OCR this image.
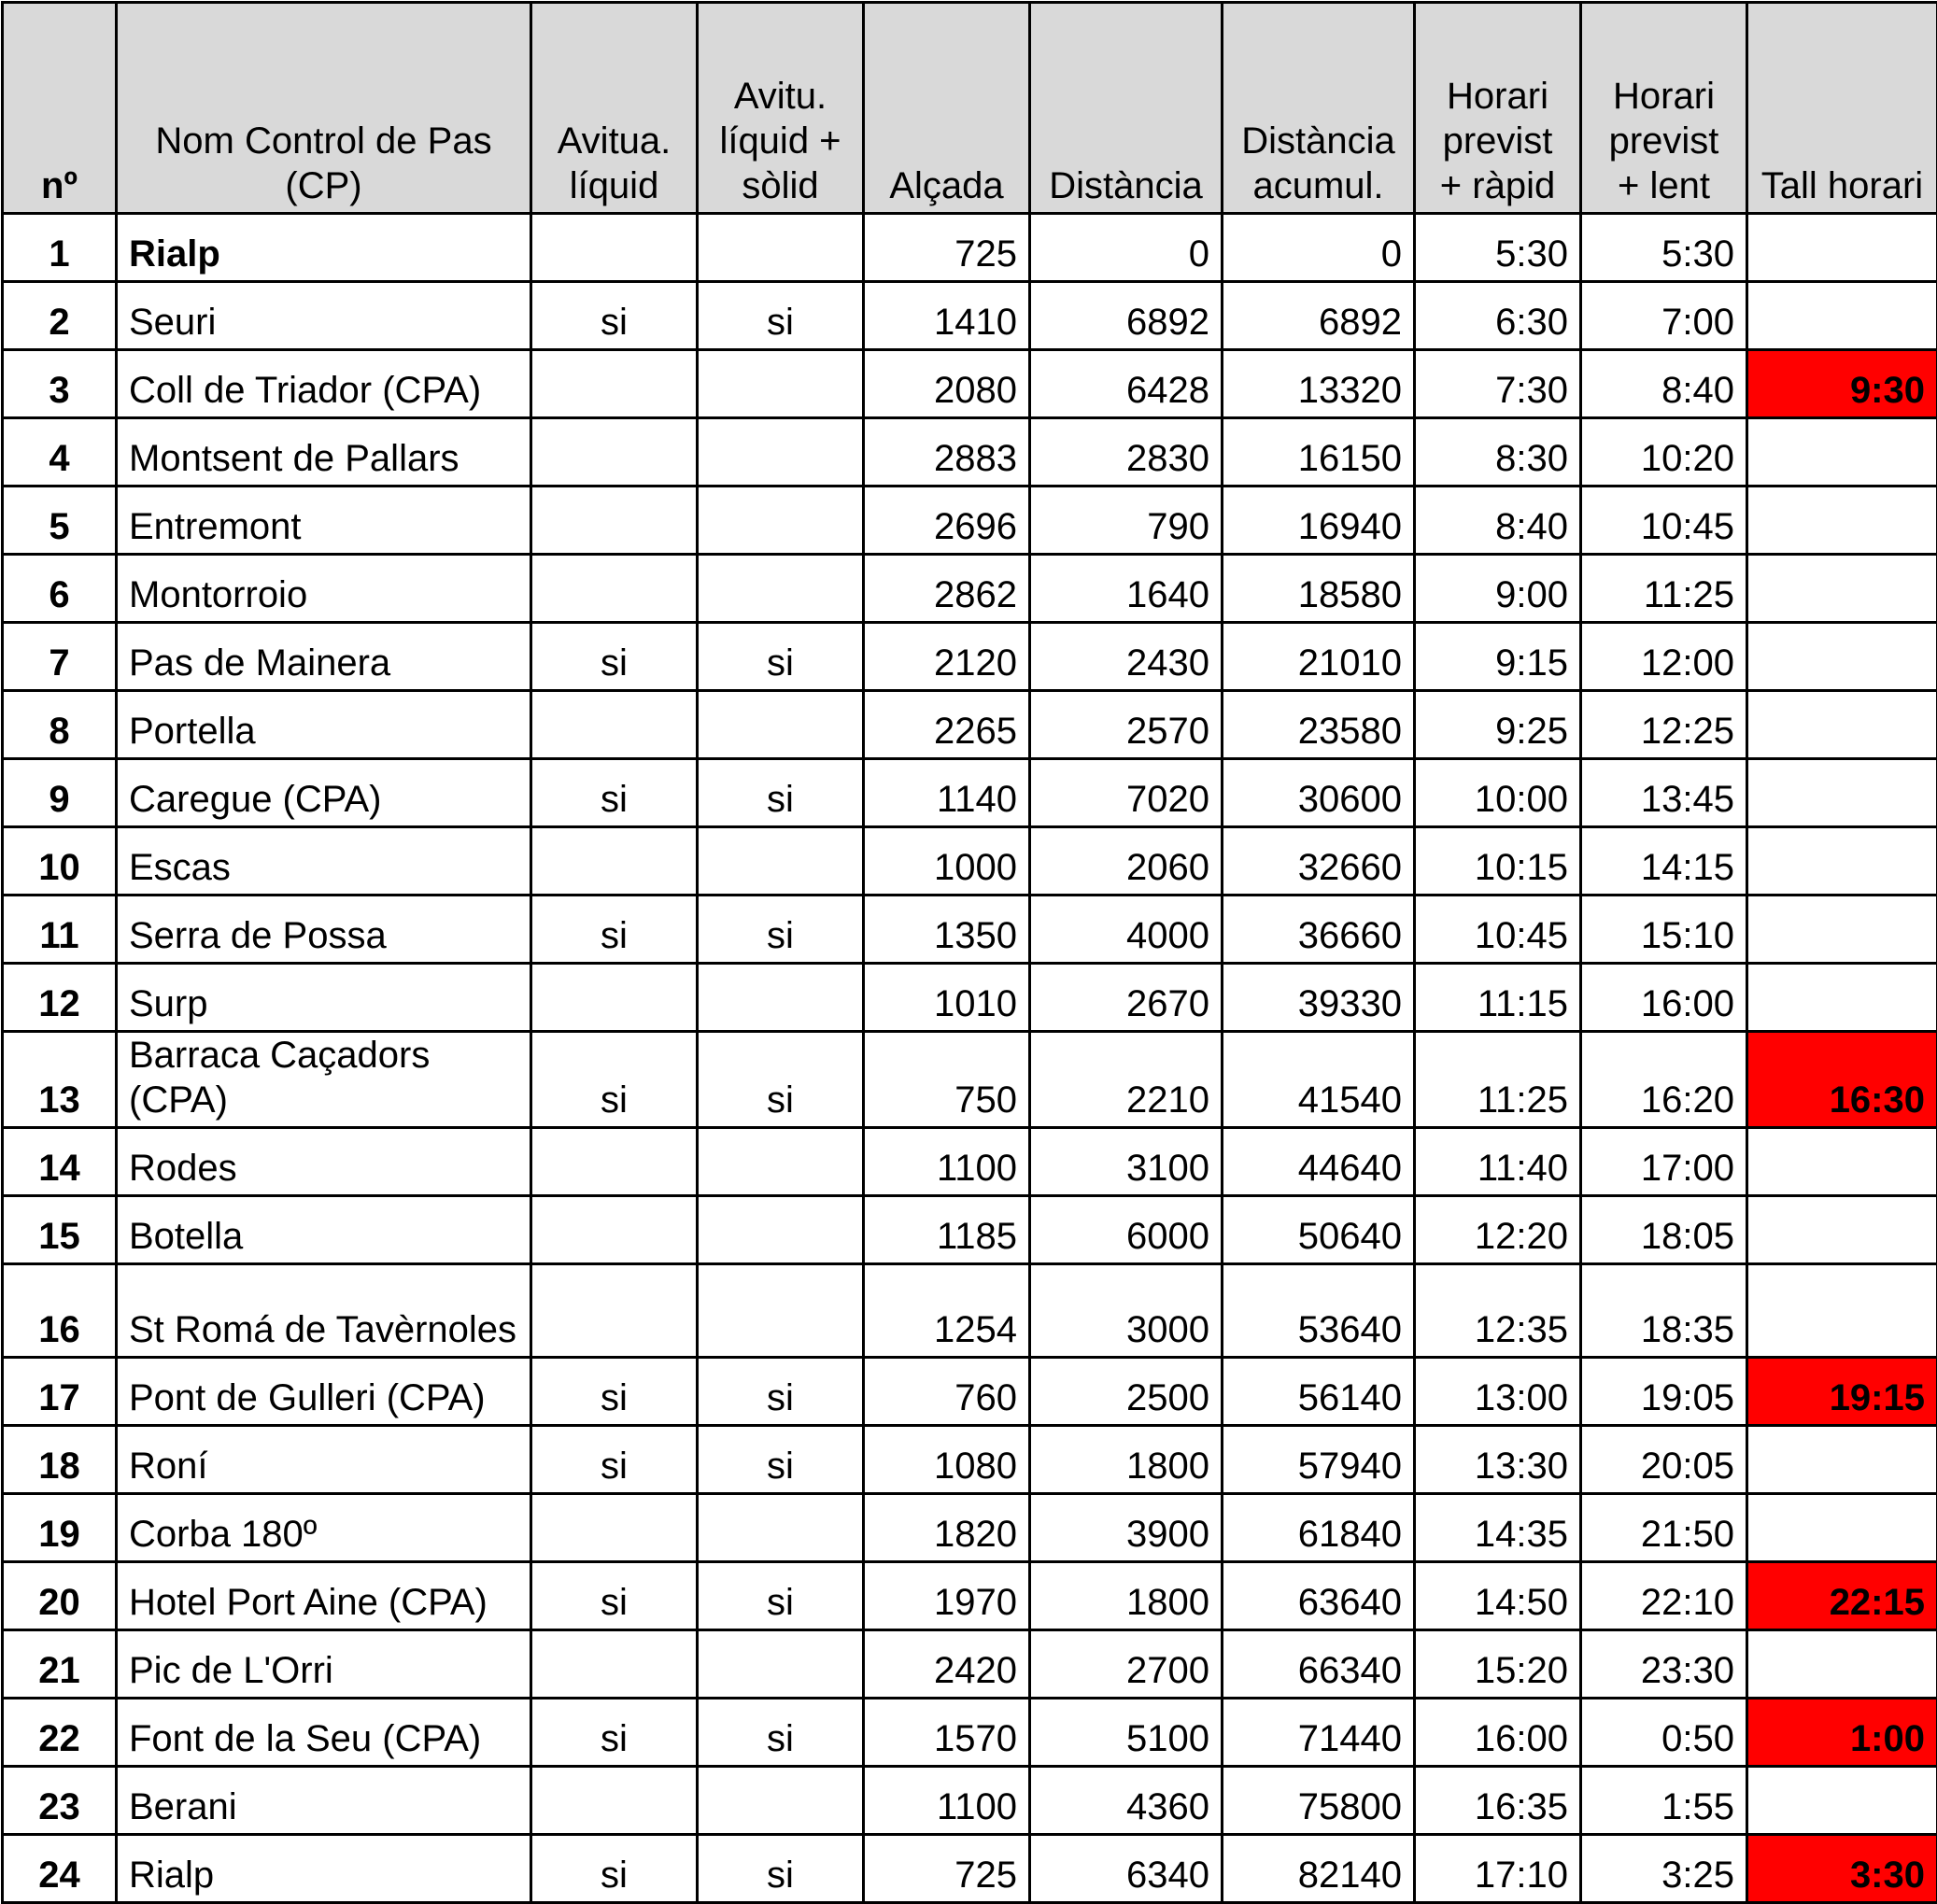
nº	Nom Control de Pas (CP)	Avitua. líquid	Avitu. líquid + sòlid	Alçada	Distància	Distància acumul.	Horari previst + ràpid	Horari previst + lent	Tall horari
1	Rialp			725	0	0	5:30	5:30	
2	Seuri	si	si	1410	6892	6892	6:30	7:00	
3	Coll de Triador (CPA)			2080	6428	13320	7:30	8:40	9:30
4	Montsent de Pallars			2883	2830	16150	8:30	10:20	
5	Entremont			2696	790	16940	8:40	10:45	
6	Montorroio			2862	1640	18580	9:00	11:25	
7	Pas de Mainera	si	si	2120	2430	21010	9:15	12:00	
8	Portella			2265	2570	23580	9:25	12:25	
9	Caregue (CPA)	si	si	1140	7020	30600	10:00	13:45	
10	Escas			1000	2060	32660	10:15	14:15	
11	Serra de Possa	si	si	1350	4000	36660	10:45	15:10	
12	Surp			1010	2670	39330	11:15	16:00	
13	Barraca Caçadors (CPA)	si	si	750	2210	41540	11:25	16:20	16:30
14	Rodes			1100	3100	44640	11:40	17:00	
15	Botella			1185	6000	50640	12:20	18:05	
16	St Romá de Tavèrnoles			1254	3000	53640	12:35	18:35	
17	Pont de Gulleri (CPA)	si	si	760	2500	56140	13:00	19:05	19:15
18	Roní	si	si	1080	1800	57940	13:30	20:05	
19	Corba 180º			1820	3900	61840	14:35	21:50	
20	Hotel Port Aine (CPA)	si	si	1970	1800	63640	14:50	22:10	22:15
21	Pic de L'Orri			2420	2700	66340	15:20	23:30	
22	Font de la Seu (CPA)	si	si	1570	5100	71440	16:00	0:50	1:00
23	Berani			1100	4360	75800	16:35	1:55	
24	Rialp	si	si	725	6340	82140	17:10	3:25	3:30
